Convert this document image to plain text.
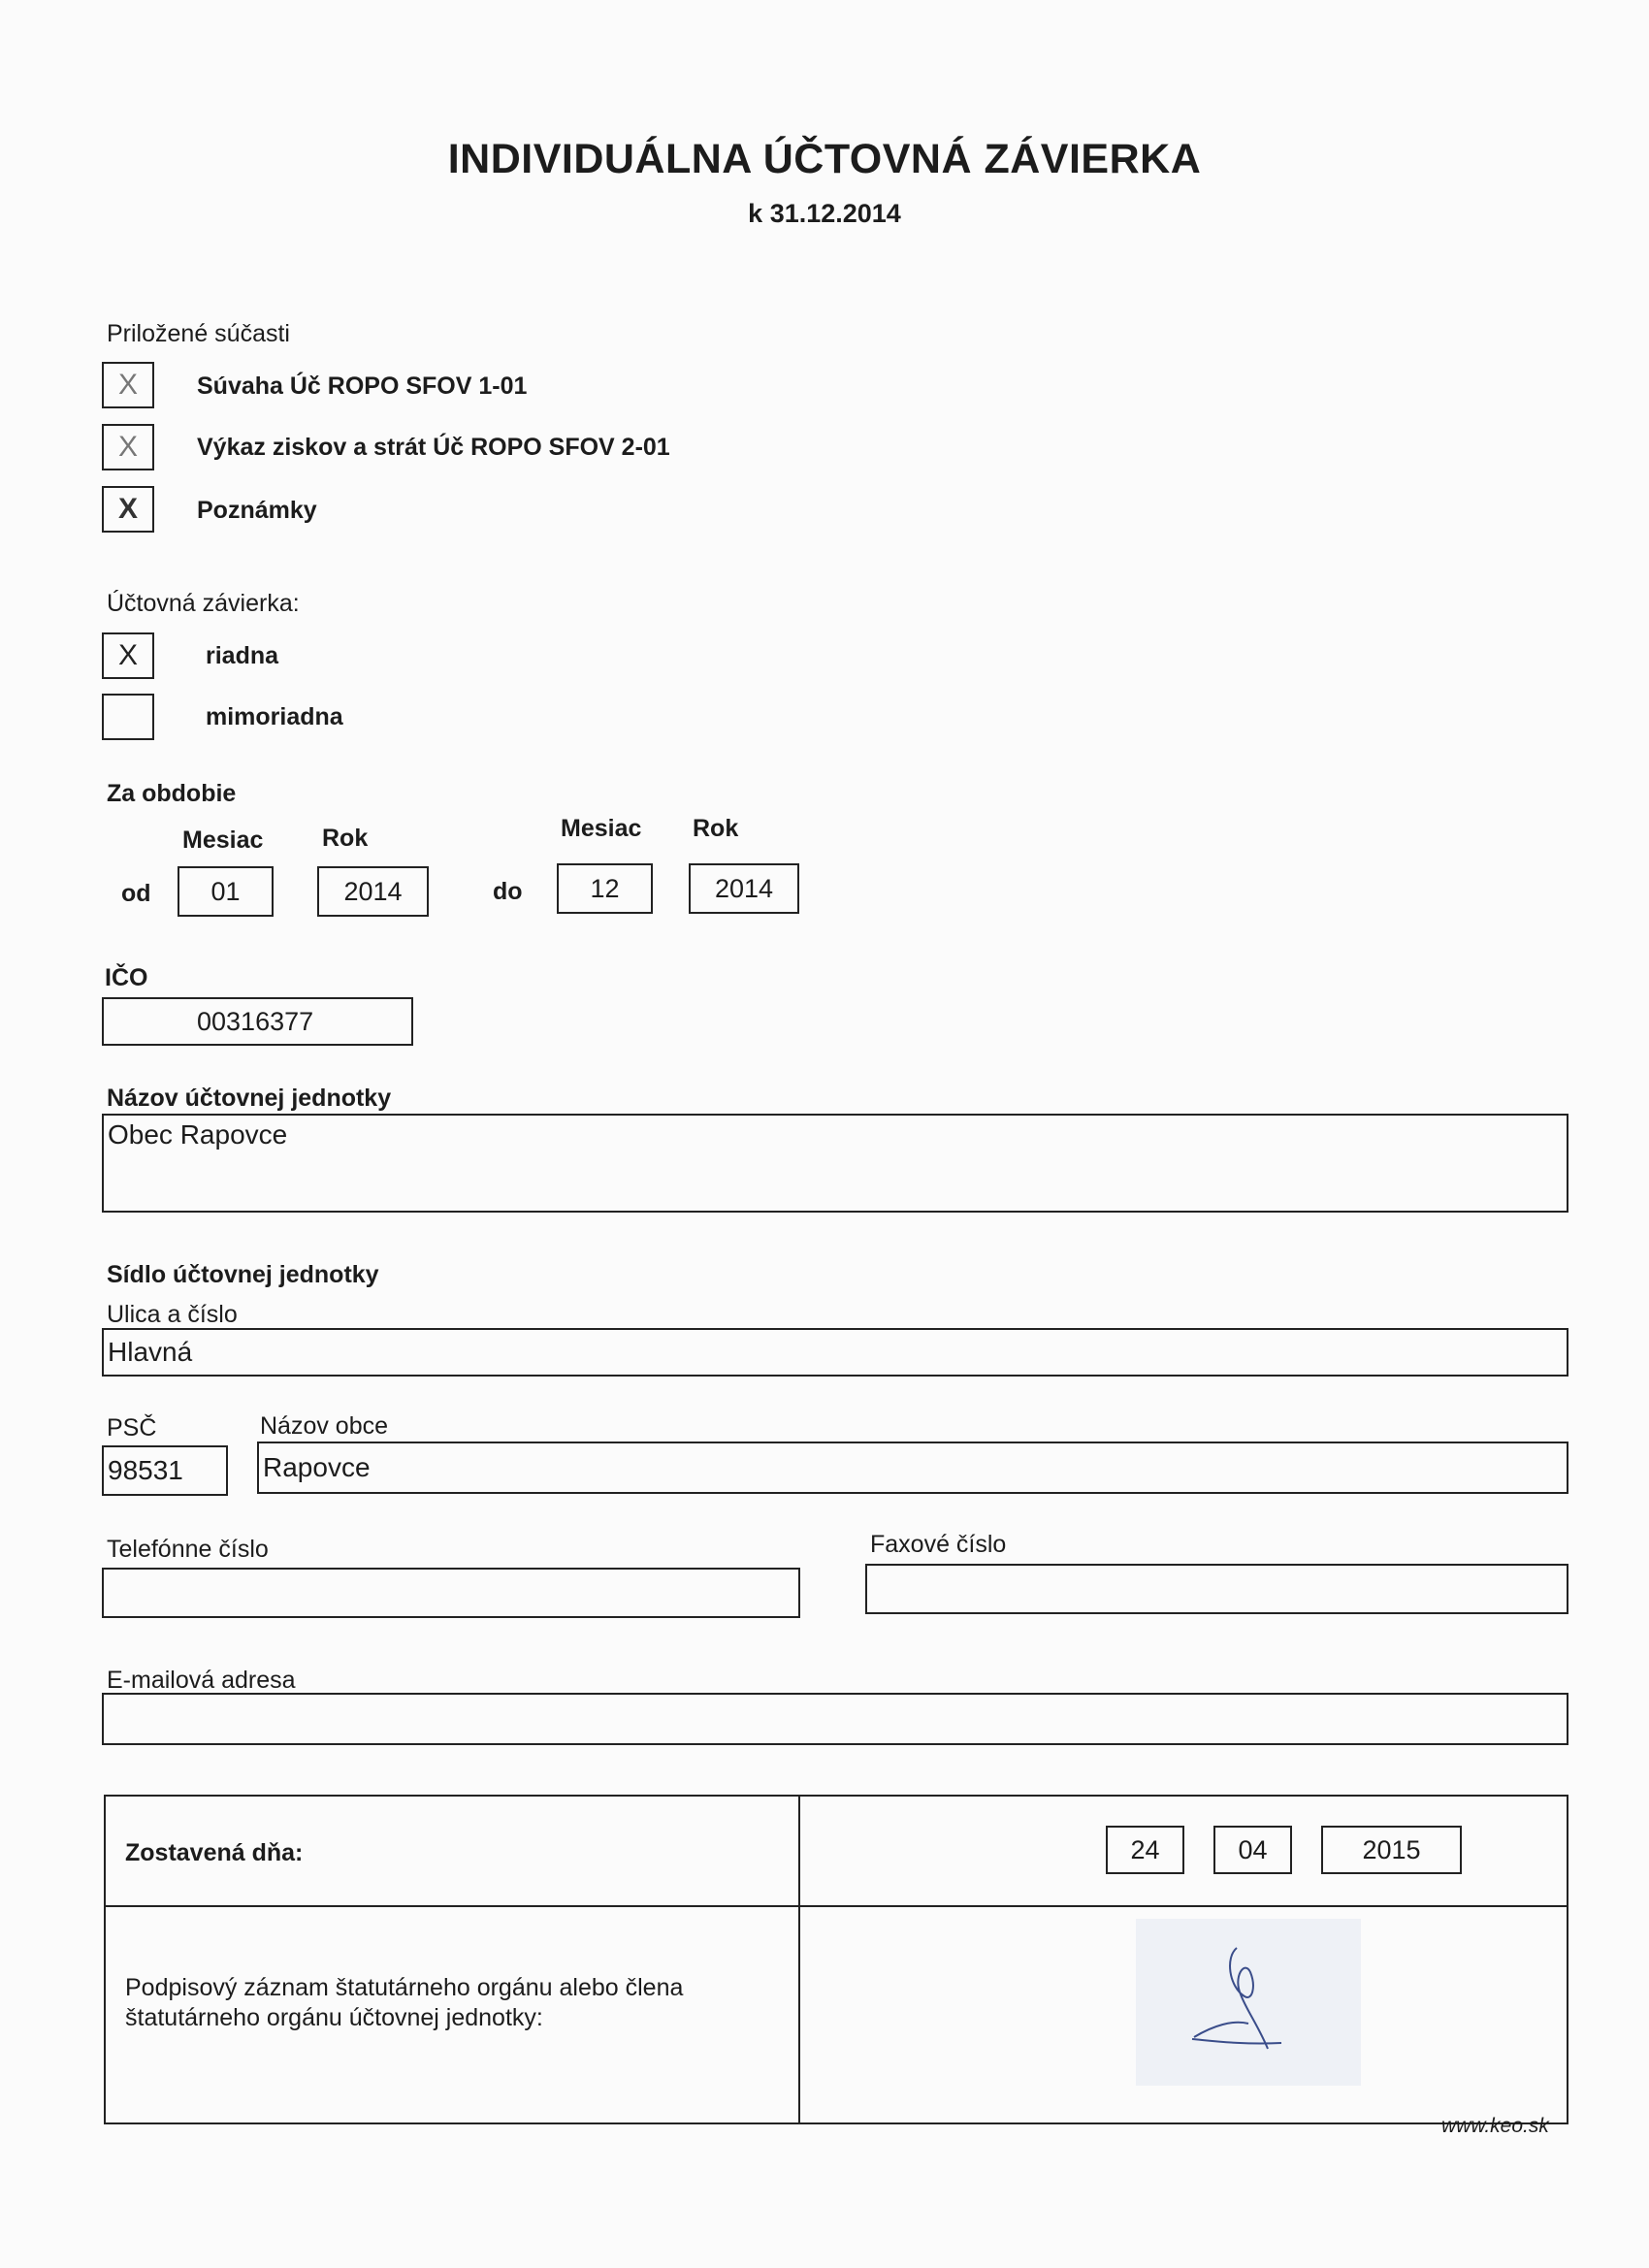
INDIVIDUÁLNA ÚČTOVNÁ ZÁVIERKA
k 31.12.2014
Priložené súčasti
X Súvaha Úč ROPO SFOV 1-01
X Výkaz ziskov a strát Úč ROPO SFOV 2-01
X Poznámky
Účtovná závierka:
X	riadna
mimoriadna
Za obdobie
Mesiac Rok	Mesiac Rok
od	01	2014	do	12	2014
IČO
00316377
Názov účtovnej jednotky
Obec Rapovce
Sídlo účtovnej jednotky
Ulica a číslo
Hlavná
PSČ
98531
Názov obce
Rapovce
Telefónne číslo	Faxové číslo
E-mailová adresa
Zostavená dňa:	24	04	2015
Podpisový záznam štatutárneho orgánu alebo člena štatutárneho orgánu účtovnej jednotky:
www.keo.sk
